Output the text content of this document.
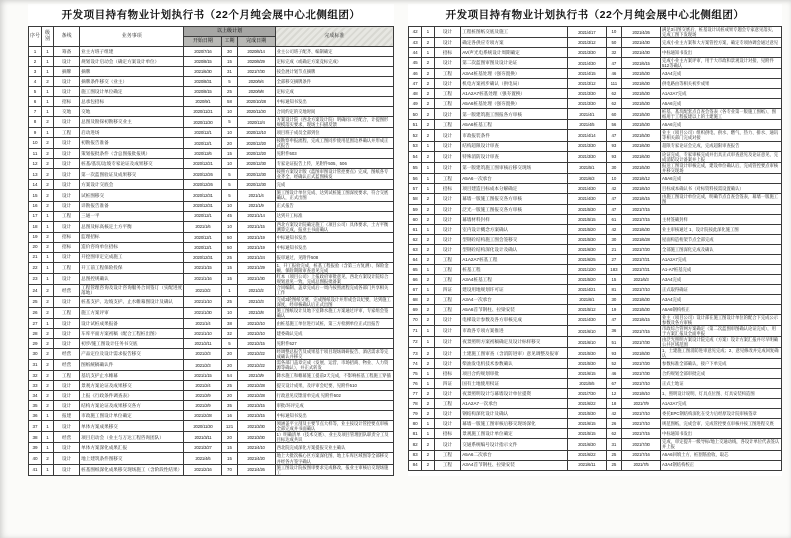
开发项目持有物业计划执行书（22个月纯会展中心北侧组团）
序号	级别	条线	业务事项	以上级计划			完成标准
				开始日期	工期	完成日期	
1	1	筹备	业主方班子组建	2020/7/16	30	2020/8/14	业主公司班子配齐、编制确定
2	1	设计	规划设计启动会（确定方案设计单位）	2020/8/15	15	2020/8/29	定标完成（或确定方案竞标完成）
3	1	摘牌	摘牌	2021/6/30	31	2021/7/30	按会展计划节点摘牌
4	2	设计	摘牌条件移交（业主）	2020/8/31	5	2020/9/4	全部移交摘牌条件
5	1	设计	施工图设计单位确定	2020/8/15	25	2020/9/8	定标完成
6	1	招标	总承包招标	2020/9/1	58	2020/10/28	中标通知书发出
7	1	交地	交地	2020/11/21	10	2020/11/30	合同约定的交地时间
8	2	设计	总图及勘探初勘移交业主	2020/11/30	5	2020/12/4	方案设计院（西北方案设计院）明确同口径配合，计提图形规模落实要求，现场土扫描反馈
9	1	工程	启动进场	2020/12/1	10	2020/12/10	项目班子成员全部到位
10	2	设计	初勘报告准备	2020/12/1	20	2020/12/20	按勘察申报流程，完成工图同步使用范围边界确认并形成正式报告
11	2	设计	策划报批条件（含总图报批报规）	2020/12/6	15	2020/12/20	见附件503
12	2	设计	桩基/基坑/边坡专家论证及成果移交	2020/12/21	10	2020/12/30	专家论证报告上传，见附件505、506
13	2	设计	第一次蓝图验证及成果移交	2020/12/26	5	2020/12/30	按照方案设计版《蓝图审图设计管控要点》完成，图纸各专业齐全、经确认正式蓝图核发
14	2	设计	方案设计交底会	2020/12/26	5	2020/12/30	完成
15	2	设计	试桩图移交	2020/12/31	5	2021/1/4	施工图设计单位完成、达到试桩施工图深度要求，符合交底确认，正式出图
16	2	设计	详勘报告准备	2020/12/31	10	2021/1/9	正式报告
17	1	工程	三通一平	2020/12/1	45	2021/1/14	达到开工标准
18	1	设计	总图及标高核定土方平衡	2021/1/6	10	2021/1/15	西北方案设计院确定施工（项目公司）具体要求，土方平衡测算完成，报业主书面确认
19	2	招标	监理招标	2020/12/1	50	2021/1/19	中标通知书发出
20	2	招标	造价咨询单位招标	2020/12/1	50	2021/1/19	中标通知书发出
21	1	设计	开挖图审定完成施工	2020/12/31	25	2021/1/24	报审通过，见附件508
22	1	工程	开工前工程保险投保	2021/1/15	15	2021/1/29	1、开工报验完成，桩基工程报验（含第三方复测）、保险金额、保险期限审查意见完成
23	1	设计	总图控规确认	2021/1/16	15	2021/1/30	红本（项目公司）上报政府审批意见，西北方案设计院综合规划意见一致，完成总图报批备案
24	2	经营	工程管理咨询及设计咨询服务合同签订（实配进度落地）	2021/2/2	1	2021/2/2	合同编制、盖章完成后一周内按照流程完成各部门共享相关工作
25	2	设计	桩基支护、边坡支护、止水帷幕图设计及确认	2021/1/10	25	2021/2/3	完成3轮图纸交底，完成图纸设计并形成会议纪要，达到施工深度，经审核确认后正式出图
26	2	工程	施工方案评审	2021/1/30	10	2021/2/8	施工图纸设计及地下室降水施工方案通过评审，专家组会签确认
27	1	设计	设计试桩成果报备	2021/1/4	38	2021/2/10	由桩基施工单位进行试桩，第三方检测单位正式出报告
28	2	设计	车库平面方案初稿（配合工程桩出图）	2021/1/10	32	2021/2/10	建委确认完成
29	2	设计	初步/施工图设计任务书交底	2021/2/11	5	2021/2/15	见附件527
30	2	经营	产品定位及设计需求报告移交	2021/2/3	20	2021/2/22	经调整总报告及成果基于项目现场调研报告、酒店需求等完成确认并移交
31	2	经营	图纸统稿确认件	2021/2/3	20	2021/2/22	需各部门盖章完成（发展、运营、市场招商、物业、人力资源等确认），并正式转发
32	2	工程	基坑支护止水帷幕	2021/1/15	54	2021/3/9	降水施工和帷幕施工提前2天完成，不影响桩基工程施工穿插
33	2	设计	景观方案论证及成果移交	2021/2/4	25	2021/2/28	提交设计成果，及评审会纪要，见附件510
34	2	设计	上报《行政条件调查表》	2021/2/9	20	2021/2/28	行政意见反馈清单完成 见附件502
35	2	设计	结构方案论证及成果移交各方	2021/2/9	35	2021/3/15	审批/环评完成
36	1	报建	市政施工图设计单位确定	2021/2/28	16	2021/3/15	中标通知书发出
37	1	设计	单体方案成果移交	2020/11/30	121	2021/3/30	须涵盖平立剖及主要节点大样等，业主按设计管控要点审核全部完成并书面确认
38	1	经营	项目启动会（业主与万达工程咨询团队）	2021/3/11	20	2021/3/30	1）明确清单（技术交底）、业主及项目管理团队职责分工及目标达成共识
39	1	设计	单体方案深化成果汇报	2021/3/27	15	2021/4/10	西北院完成深化方案提报交业主确认
40	2	设计	地上建筑条件图移交	2021/4/6	15	2021/4/20	地上大批次核心区方案深化图、地上车库区域图等全部移交并经各方签字确认
41	1	设计	桩基图纸深化成果移交现场施工（含阶段性结果）	2021/2/16	70	2021/4/26	施工图设计院按图审要求完成修改，报业主审核后交现场施工
开发项目持有物业计划执行书（22个月纯会展中心北侧组团）
42	1	设计	工程桩图纸交底及施工	2021/4/17	10	2021/4/26	满足3日图交底后，桩基设计试桩成果专题会专家意见落实，完成工图下发现场
43	2	设计	确定各供应专项方案	2021/3/12	50	2021/4/30	完成小业主方案和大方案管控方案，确定专项协调会通过意见
44	1	招标	AV/声光电系统设计周期确定	2021/3/30	32	2021/4/30	中标通知书发出
45	2	设计	第二次蓝图审图及设计论证	2021/4/30	47	2021/6/15	完成小业主方案评审，用于大市政和景观设计对接，见附件512等确认
46	2	工程	A3A4桩基处理（强夯置换）	2021/4/15	46	2021/5/30	A3A4完成
47	2	设计	机电方案初步确认（供电局）	2021/3/12	111	2021/6/30	供电路由等相关初步成果
48	2	工程	A1A2A7桩基处理（强夯置换）	2021/3/30	62	2021/5/30	A1A2A7完成
49	2	工程	A5A6桩基处理（强夯置换）	2021/3/30	62	2021/5/30	A5A6完成
50	2	设计	第一版建筑施工图报各方审核	2021/4/1	60	2021/5/30	桩基、基坑配套点自查会签表（各专业第一版施工图纸），图纸用于工程报建以上的土建施工
51	2	工程	A5A6桩基工程	2021/4/5	56	2021/5/30	A5A6完成
52	2	设计	市政报装条件	2021/4/14	47	2021/5/30	业主（项目公司）组织供电、供水、燃气、热力、排水、通讯等相关部门完成对接
53	1	设计	结构超限设计审查	2021/3/30	93	2021/6/30	超限专家论证会完成，完成超限审查报告
54	2	设计	特殊消防设计审查	2021/3/30	93	2021/6/30	论证完成，专家审核完成并出具正式审查意见及论证意见，完成消防设计备案并上报
55	1	设计	第一版建筑施工图审核后移交现场	2021/5/1	30	2021/5/30	报送工图设计审核完成，建设单位确认后，完成管控要点审核并移交现场
56	1	工程	A5A6一次承台	2021/6/3	10	2021/6/12	A5A6完成
57	1	招标	项目建造目标成本分解确定	2021/4/30	42	2021/6/10	目标成本确认书（对标资料按需设置确认）
58	2	设计	幕墙一版施工图报交各方审核	2021/4/30	47	2021/6/15	由施工图设计单位完成，明确节点自查会签表，幕墙一版施工图
59	2	设计	泛光一版施工图报交各方审核	2021/5/30	47	2021/7/15	
60	2	设计	幕墙材料封样	2021/5/15	61	2021/7/15	主材签确封样
61	1	设计	室内设计概念方案确认	2021/5/20	42	2021/6/30	业主审核通过 1、设计院按此深化施工图
62	2	设计	型钢砼结构施工图会签移交	2021/5/30	30	2021/6/28	屋面构造桁架节点全部完成
63	2	设计	型钢砼结构深化设计及确认	2021/6/30	21	2021/7/20	全部施工图深化完成及确认
64	2	工程	A1A2A7桩基工程	2021/6/25	27	2021/7/21	A1A2A7完成
65	1	工程	桩基工程	2021/1/20	183	2021/7/21	A1-A7桩基完成
66	2	工程	A3A4桩基工程	2021/5/20	15	2021/6/3	A3A4完成
67	1	四证	建设用地规划许可证	2021/4/21	81	2021/7/10	正式取得确证
68	2	工程	A3A4一次承台	2021/6/1	30	2021/6/30	A3A4完成
69	2	工程	A5A6首节钢柱、拉梁安装	2021/5/12	19	2021/5/30	A5A6钢构校正
70	2	设计	电梯设计参数及各方审核完成	2021/4/30	47	2021/6/15	业主（项目公司）设计部在施工图设计单位的配合下完成公示参数及各方审核
71	1	设计	市政各专项方案推进	2021/6/10	36	2021/7/15	市政综合管网方案确定（第二次蓝图审图确认论证完成），用于方案汇报及全面申报
72	1	设计	夜景照明方案初稿确定及设计标样移交	2021/6/10	51	2021/7/30	由泛光照明方案设计院完成（方案）设计方案汇报并尽早明确公共区域范围
73	2	设计	土建施工图审查（含消防进审）意见调整及报审	2021/5/30	93	2021/8/30	1、土建施工图消防进审意见完成；2、意见修改并完成回复确认
74	2	设计	柴油发电机技术参数确认	2021/5/30	52	2021/7/20	参数标准全部确认，接户下单完成
75	1	招标	项目合约规划审批	2021/6/15	46	2021/7/30	合约规划全部审批完成
76	1	四证	国有土地使用权证	2021/5/5	67	2021/7/10	正式土地证
77	2	设计	夜景照明设计与幕墙设计单位提资	2021/7/30	12	2021/8/10	1、照明设计说明、灯具点位图、灯具安装构造图
78	2	工程	A1A2A7一次承台	2021/6/22	18	2021/7/9	A1A2A7完成
79	2	设计	钢结构深化设计及确认	2021/5/30	42	2021/7/10	委托EPC钢结构深化在受力后经原设计院审核签章
80	1	设计	幕墙一版施工图审核后移交现场深化	2021/6/15	26	2021/7/10	规范图纸，完成会审，完成管控要点审核并按工图进程交底
81	1	招标	景观施工图设计单位确定	2021/5/15	62	2021/7/15	中标通知书发出
82	2	设计	交通系统编号设计指示文件	2021/6/30	31	2021/7/30	完成，审定提升一级导标/地上交通动线，各设计单位代表签认并上报
83	2	工程	A5A6二次承台	2021/6/22	25	2021/7/16	A5A6回填土方、桩割筋验收、取芯
84	2	工程	A3A4首节钢柱、拉梁安装	2021/6/11	25	2021/7/5	A3A4钢结构校正
